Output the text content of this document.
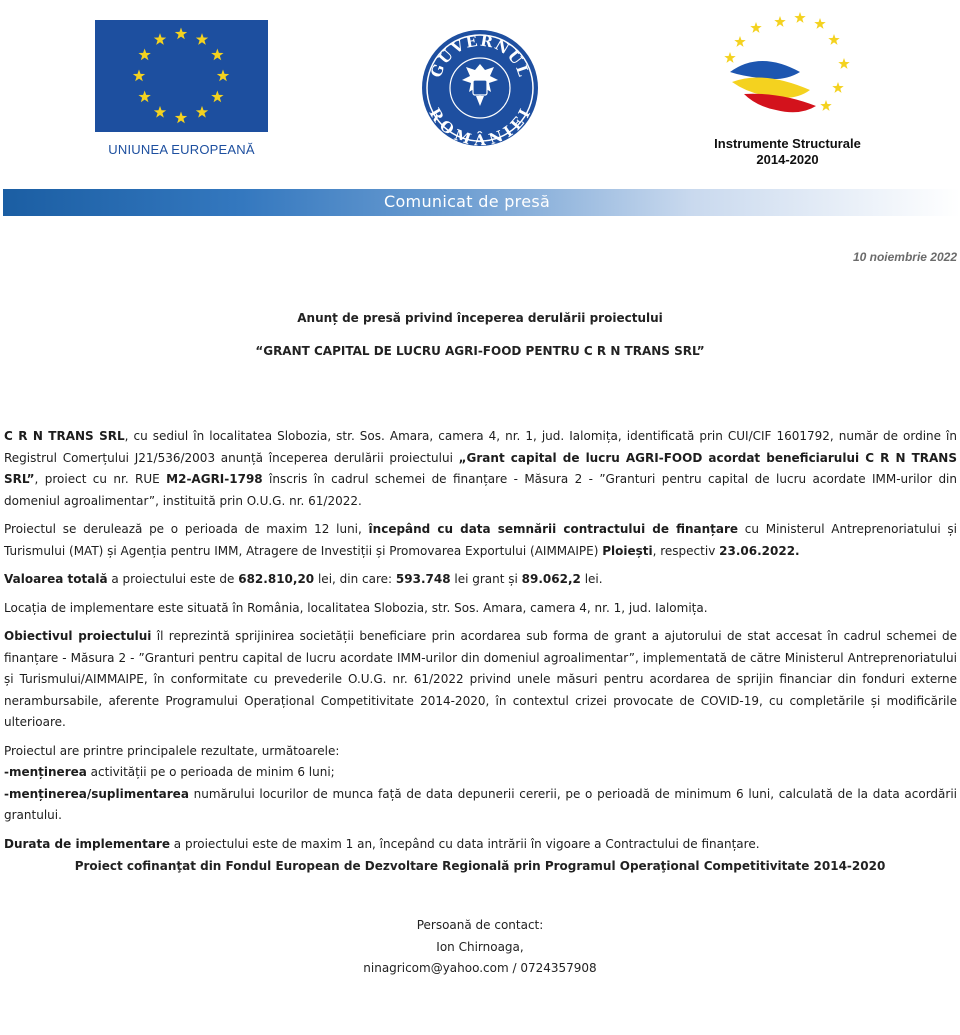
UNIUNEA EUROPEANĂ
GUVERNUL
ROMÂNIEI
Instrumente Structurale
2014-2020
Comunicat de presă
10 noiembrie 2022
Anunț de presă privind începerea derulării proiectului
“GRANT CAPITAL DE LUCRU AGRI-FOOD PENTRU C R N TRANS SRL”

C R N TRANS SRL, cu sediul în localitatea Slobozia, str. Sos. Amara, camera 4, nr. 1, jud. Ialomița, identificată prin CUI/CIF 1601792, număr de ordine în Registrul Comerțului J21/536/2003 anunță începerea derulării proiectului „Grant capital de lucru AGRI-FOOD acordat beneficiarului C R N TRANS SRL”, proiect cu nr. RUE M2-AGRI-1798 înscris în cadrul schemei de finanțare - Măsura 2 - ”Granturi pentru capital de lucru acordate IMM-urilor din domeniul agroalimentar”, instituită prin O.U.G. nr. 61/2022.

Proiectul se derulează pe o perioada de maxim 12 luni, începând cu data semnării contractului de finanțare cu Ministerul Antreprenoriatului și Turismului (MAT) și Agenția pentru IMM, Atragere de Investiții și Promovarea Exportului (AIMMAIPE) Ploiești, respectiv 23.06.2022.

Valoarea totală a proiectului este de 682.810,20 lei, din care: 593.748 lei grant și 89.062,2 lei.

Locația de implementare este situată în România, localitatea Slobozia, str. Sos. Amara, camera 4, nr. 1, jud. Ialomița.

Obiectivul proiectului îl reprezintă sprijinirea societății beneficiare prin acordarea sub forma de grant a ajutorului de stat accesat în cadrul schemei de finanțare - Măsura 2 - ”Granturi pentru capital de lucru acordate IMM-urilor din domeniul agroalimentar”, implementată de către Ministerul Antreprenoriatului și Turismului/AIMMAIPE, în conformitate cu prevederile O.U.G. nr. 61/2022 privind unele măsuri pentru acordarea de sprijin financiar din fonduri externe nerambursabile, aferente Programului Operațional Competitivitate 2014-2020, în contextul crizei provocate de COVID-19, cu completările și modificările ulterioare.

Proiectul are printre principalele rezultate, următoarele:

-menținerea activității pe o perioada de minim 6 luni;

-menținerea/suplimentarea numărului locurilor de munca față de data depunerii cererii, pe o perioadă de minimum 6 luni, calculată de la data acordării grantului.

Durata de implementare a proiectului este de maxim 1 an, începând cu data intrării în vigoare a Contractului de finanțare.

Proiect cofinanţat din Fondul European de Dezvoltare Regională prin Programul Operaţional Competitivitate 2014-2020
Persoană de contact:
Ion Chirnoaga,
ninagricom@yahoo.com / 0724357908
